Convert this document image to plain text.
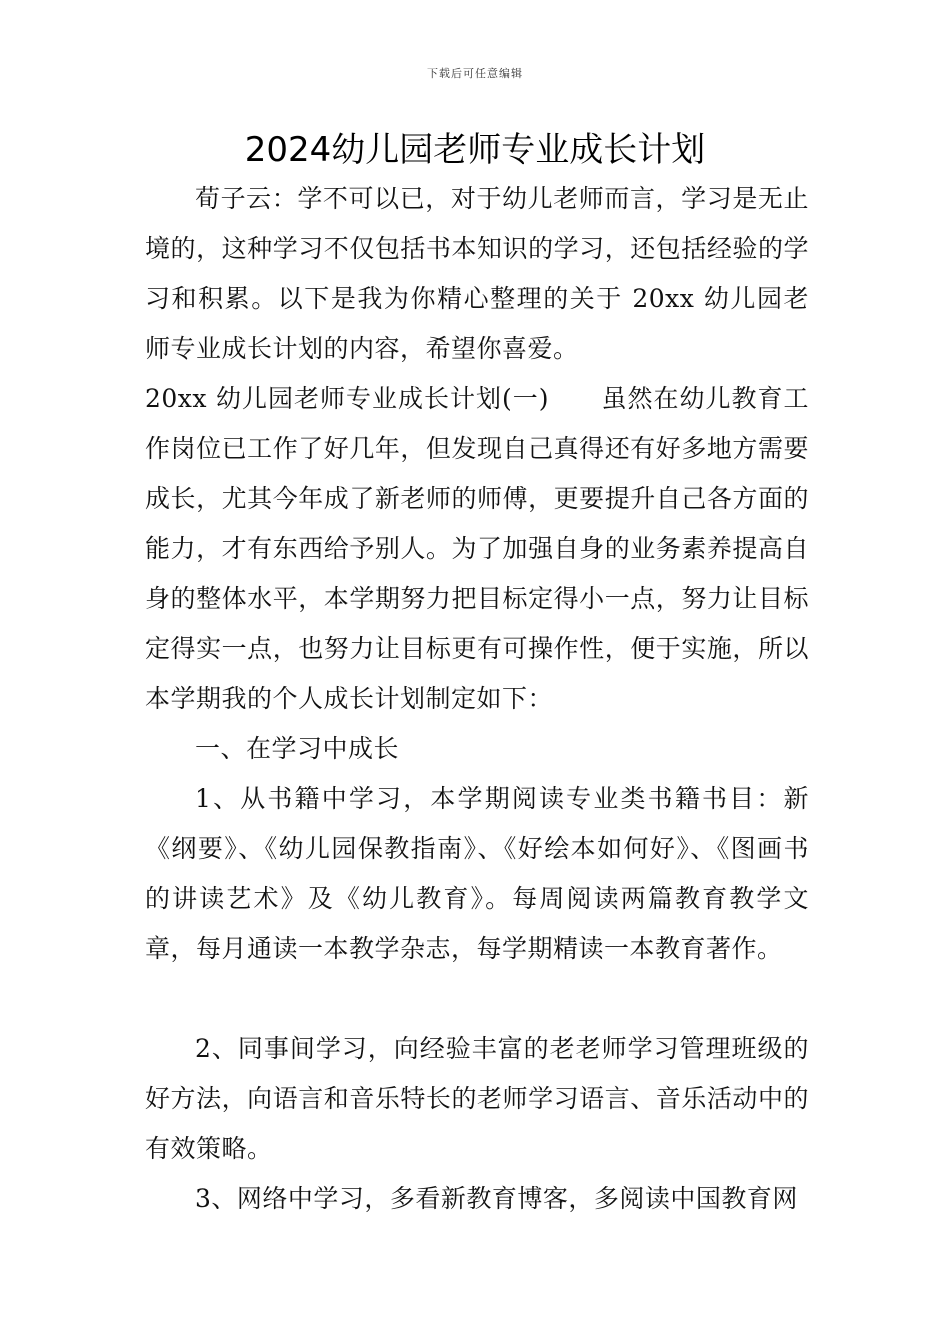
下载后可任意编辑
2024幼儿园老师专业成长计划

荀子云：学不可以已，对于幼儿老师而言，学习是无止境的，这种学习不仅包括书本知识的学习，还包括经验的学习和积累。以下是我为你精心整理的关于 20xx 幼儿园老师专业成长计划的内容，希望你喜爱。

20xx 幼儿园老师专业成长计划(一)　　虽然在幼儿教育工作岗位已工作了好几年，但发现自己真得还有好多地方需要成长，尤其今年成了新老师的师傅，更要提升自己各方面的能力，才有东西给予别人。为了加强自身的业务素养提高自身的整体水平，本学期努力把目标定得小一点，努力让目标定得实一点，也努力让目标更有可操作性，便于实施，所以本学期我的个人成长计划制定如下：

一、在学习中成长

1、从书籍中学习，本学期阅读专业类书籍书目：新《纲要》、《幼儿园保教指南》、《好绘本如何好》、《图画书的讲读艺术》及《幼儿教育》。每周阅读两篇教育教学文章，每月通读一本教学杂志，每学期精读一本教育著作。

2、同事间学习，向经验丰富的老老师学习管理班级的好方法，向语言和音乐特长的老师学习语言、音乐活动中的有效策略。

3、网络中学习，多看新教育博客，多阅读中国教育网
